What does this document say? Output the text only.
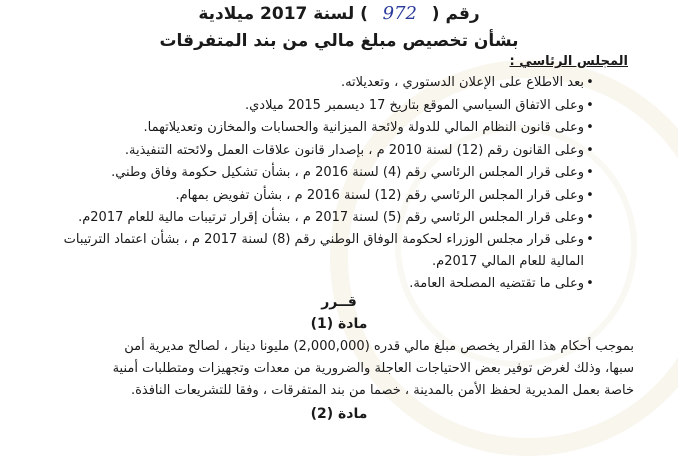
رقم ( 972 ) لسنة 2017 ميلادية
بشأن تخصيص مبلغ مالي من بند المتفرقات
المجلس الرئاسي :
•بعد الاطلاع على الإعلان الدستوري ، وتعديلاته.
•وعلى الاتفاق السياسي الموقع بتاريخ 17 ديسمبر 2015 ميلادي.
•وعلى قانون النظام المالي للدولة ولائحة الميزانية والحسابات والمخازن وتعديلاتهما.
•وعلى القانون رقم (12) لسنة 2010 م ، بإصدار قانون علاقات العمل ولائحته التنفيذية.
•وعلى قرار المجلس الرئاسي رقم (4) لسنة 2016 م ، بشأن تشكيل حكومة وفاق وطني.
•وعلى قرار المجلس الرئاسي رقم (12) لسنة 2016 م ، بشأن تفويض بمهام.
•وعلى قرار المجلس الرئاسي رقم (5) لسنة 2017 م ، بشأن إقرار ترتيبات مالية للعام 2017م.
•وعلى قرار مجلس الوزراء لحكومة الوفاق الوطني رقم (8) لسنة 2017 م ، بشأن اعتماد الترتيبات
المالية للعام المالي 2017م.
•وعلى ما تقتضيه المصلحة العامة.
قــرر
مادة (1)
بموجب أحكام هذا القرار يخصص مبلغ مالي قدره (2,000,000) مليونا دينار ، لصالح مديرية أمن
سبها، وذلك لغرض توفير بعض الاحتياجات العاجلة والضرورية من معدات وتجهيزات ومتطلبات أمنية
خاصة بعمل المديرية لحفظ الأمن بالمدينة ، خصما من بند المتفرقات ، وفقا للتشريعات النافذة.
مادة (2)
